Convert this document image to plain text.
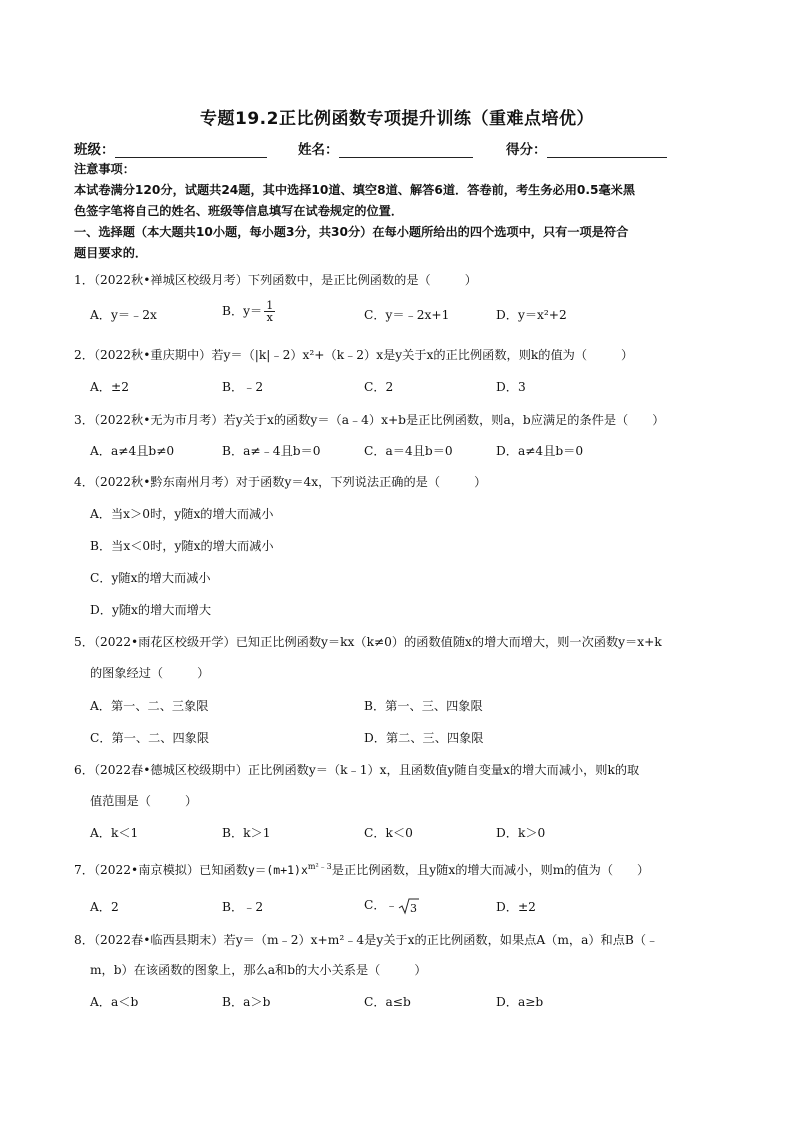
专题19.2正比例函数专项提升训练（重难点培优）
班级：	姓名：	得分：
注意事项：
本试卷满分120分，试题共24题，其中选择10道、填空8道、解答6道．答卷前，考生务必用0.5毫米黑
色签字笔将自己的姓名、班级等信息填写在试卷规定的位置．
一、选择题（本大题共10小题，每小题3分，共30分）在每小题所给出的四个选项中，只有一项是符合
题目要求的．
1．（2022秋•禅城区校级月考）下列函数中，是正比例函数的是（	）
A．y＝﹣2x	B．$y= \frac{1}{x}$	C．y＝﹣2x+1	D．y＝x²+2
2．（2022秋•重庆期中）若y＝（|k|﹣2）x²+（k﹣2）x是y关于x的正比例函数，则k的值为（	）
A．±2	B．﹣2	C．2	D．3
3．（2022秋•无为市月考）若y关于x的函数y＝（a﹣4）x+b是正比例函数，则a，b应满足的条件是（ ）
A．a≠4且b≠0	B．a≠﹣4且b＝0	C．a＝4且b＝0	D．a≠4且b＝0
4．（2022秋•黔东南州月考）对于函数y＝4x，下列说法正确的是（	）
A．当x＞0时，y随x的增大而减小
B．当x＜0时，y随x的增大而减小
C．y随x的增大而减小
D．y随x的增大而增大
5．（2022•雨花区校级开学）已知正比例函数y＝kx（k≠0）的函数值随x的增大而增大，则一次函数y＝x+k
的图象经过（	）
A．第一、二、三象限	B．第一、三、四象限
C．第一、二、四象限	D．第二、三、四象限
6．（2022春•德城区校级期中）正比例函数y＝（k﹣1）x，且函数值y随自变量x的增大而减小，则k的取
值范围是（	）
A．k＜1	B．k＞1	C．k＜0	D．k＞0
7．（2022•南京模拟）已知函数$y=(m+1)x^{m^2﹣3}$是正比例函数，且y随x的增大而减小，则m的值为（ ）
A．2	B．﹣2	C．﹣ 3	D．±2
8．（2022春•临西县期末）若y＝（m﹣2）x+m²﹣4是y关于x的正比例函数，如果点A（m，a）和点B（﹣
m，b）在该函数的图象上，那么a和b的大小关系是（	）
A．a＜b	B．a＞b	C．a≤b	D．a≥b
